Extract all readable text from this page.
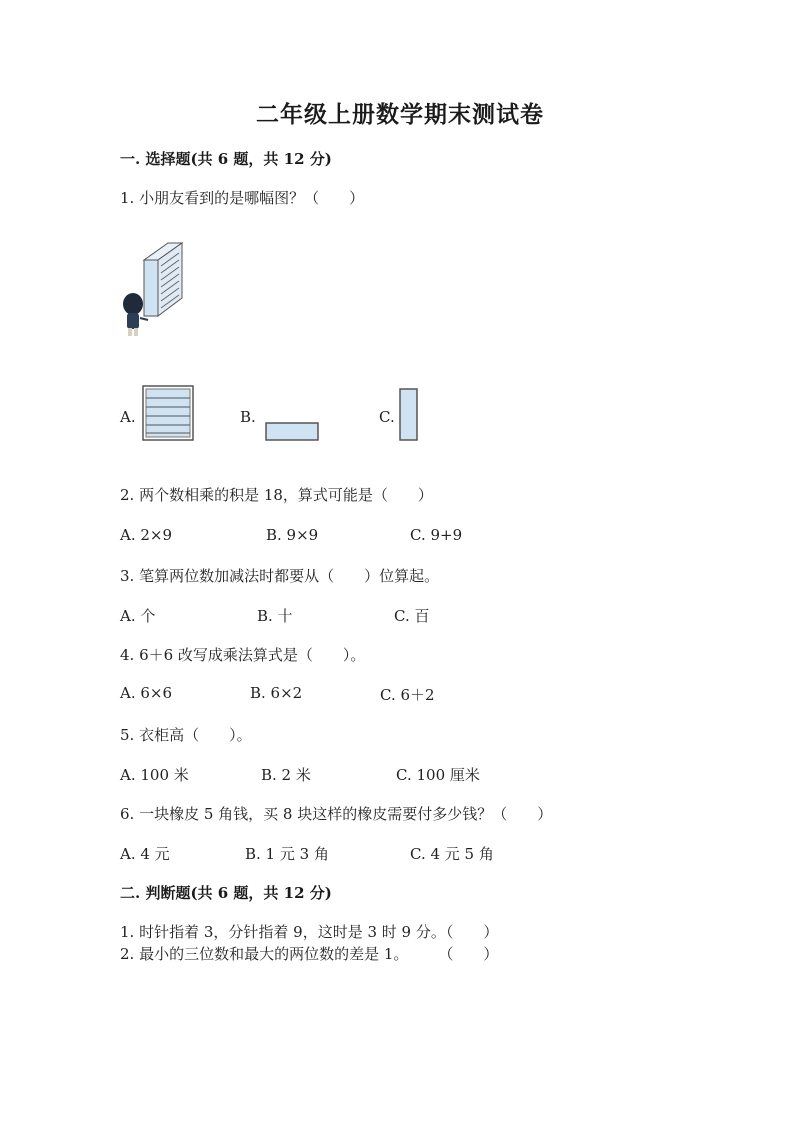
二年级上册数学期末测试卷
一. 选择题(共 6 题，共 12 分)
1. 小朋友看到的是哪幅图？（　　）
A.	B.	C.
2. 两个数相乘的积是 18，算式可能是（　　）
A. 2×9	B. 9×9	C. 9+9
3. 笔算两位数加减法时都要从（　　）位算起。
A. 个	B. 十	C. 百
4. 6＋6 改写成乘法算式是（　　）。
A. 6×6	B. 6×2	C. 6＋2
5. 衣柜高（　　）。
A. 100 米	B. 2 米	C. 100 厘米
6. 一块橡皮 5 角钱，买 8 块这样的橡皮需要付多少钱？（　　）
A. 4 元	B. 1 元 3 角	C. 4 元 5 角
二. 判断题(共 6 题，共 12 分)
1. 时针指着 3，分针指着 9，这时是 3 时 9 分。（　　）
2. 最小的三位数和最大的两位数的差是 1。　　　（　　）
